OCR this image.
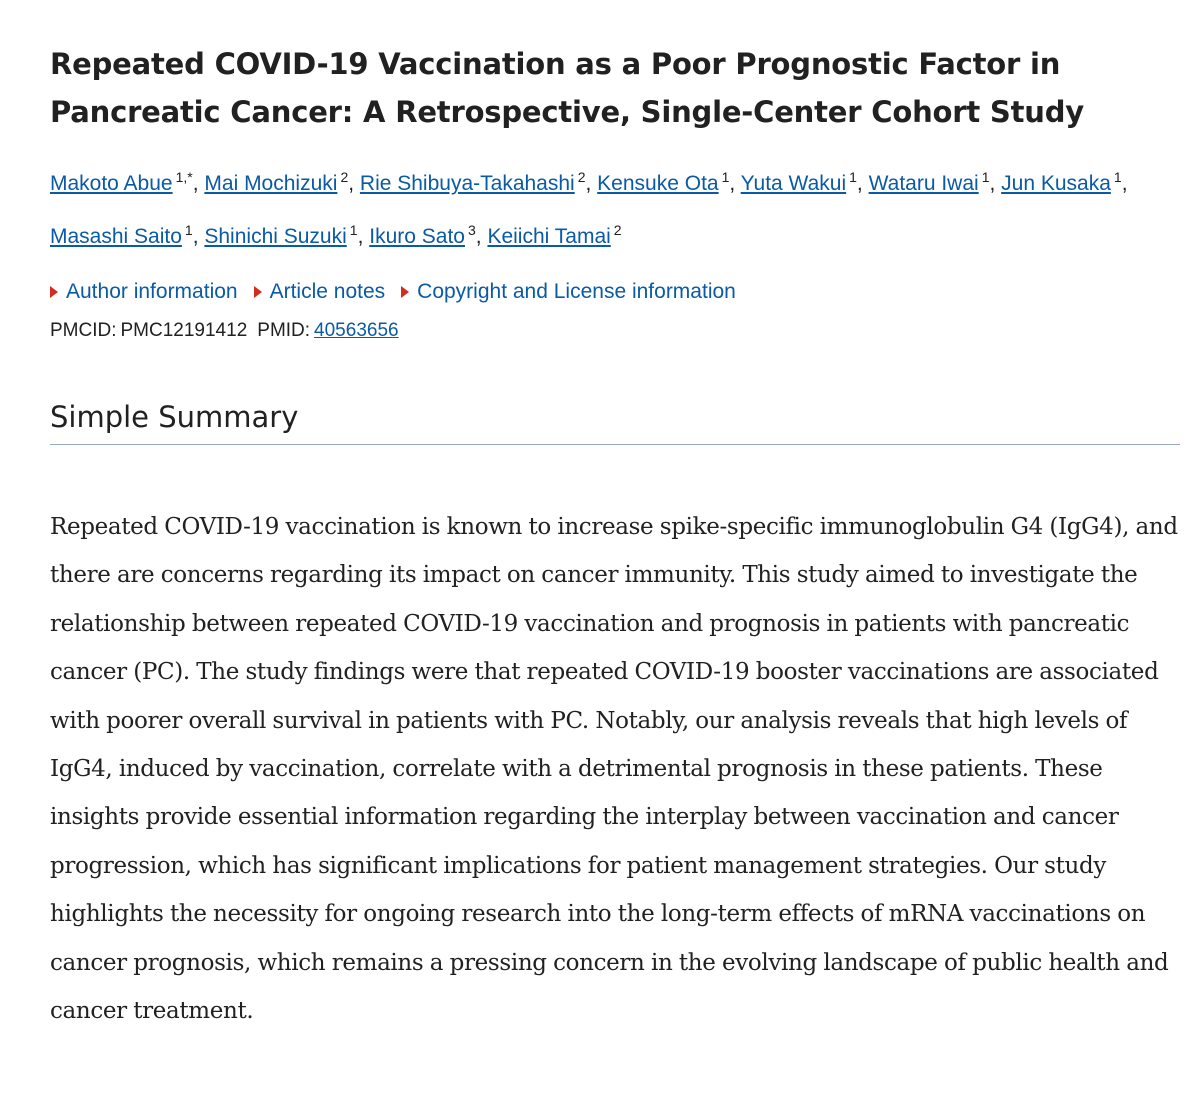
Repeated COVID-19 Vaccination as a Poor Prognostic Factor in Pancreatic Cancer: A Retrospective, Single-Center Cohort Study
Makoto Abue $^{1,*}$, Mai Mochizuki $^2$, Rie Shibuya-Takahashi $^2$, Kensuke Ota $^1$, Yuta Wakui $^1$, Wataru Iwai $^1$, Jun Kusaka $^1$, Masashi Saito $^1$, Shinichi Suzuki $^1$, Ikuro Sato $^3$, Keiichi Tamai $^2$
Author information Article notes Copyright and License information
PMCID: PMC12191412 PMID: 40563656
Simple Summary

Repeated COVID-19 vaccination is known to increase spike-specific immunoglobulin G4 (IgG4), and there are concerns regarding its impact on cancer immunity. This study aimed to investigate the relationship between repeated COVID-19 vaccination and prognosis in patients with pancreatic cancer (PC). The study findings were that repeated COVID-19 booster vaccinations are associated with poorer overall survival in patients with PC. Notably, our analysis reveals that high levels of IgG4, induced by vaccination, correlate with a detrimental prognosis in these patients. These insights provide essential information regarding the interplay between vaccination and cancer progression, which has significant implications for patient management strategies. Our study highlights the necessity for ongoing research into the long-term effects of mRNA vaccinations on cancer prognosis, which remains a pressing concern in the evolving landscape of public health and cancer treatment.
